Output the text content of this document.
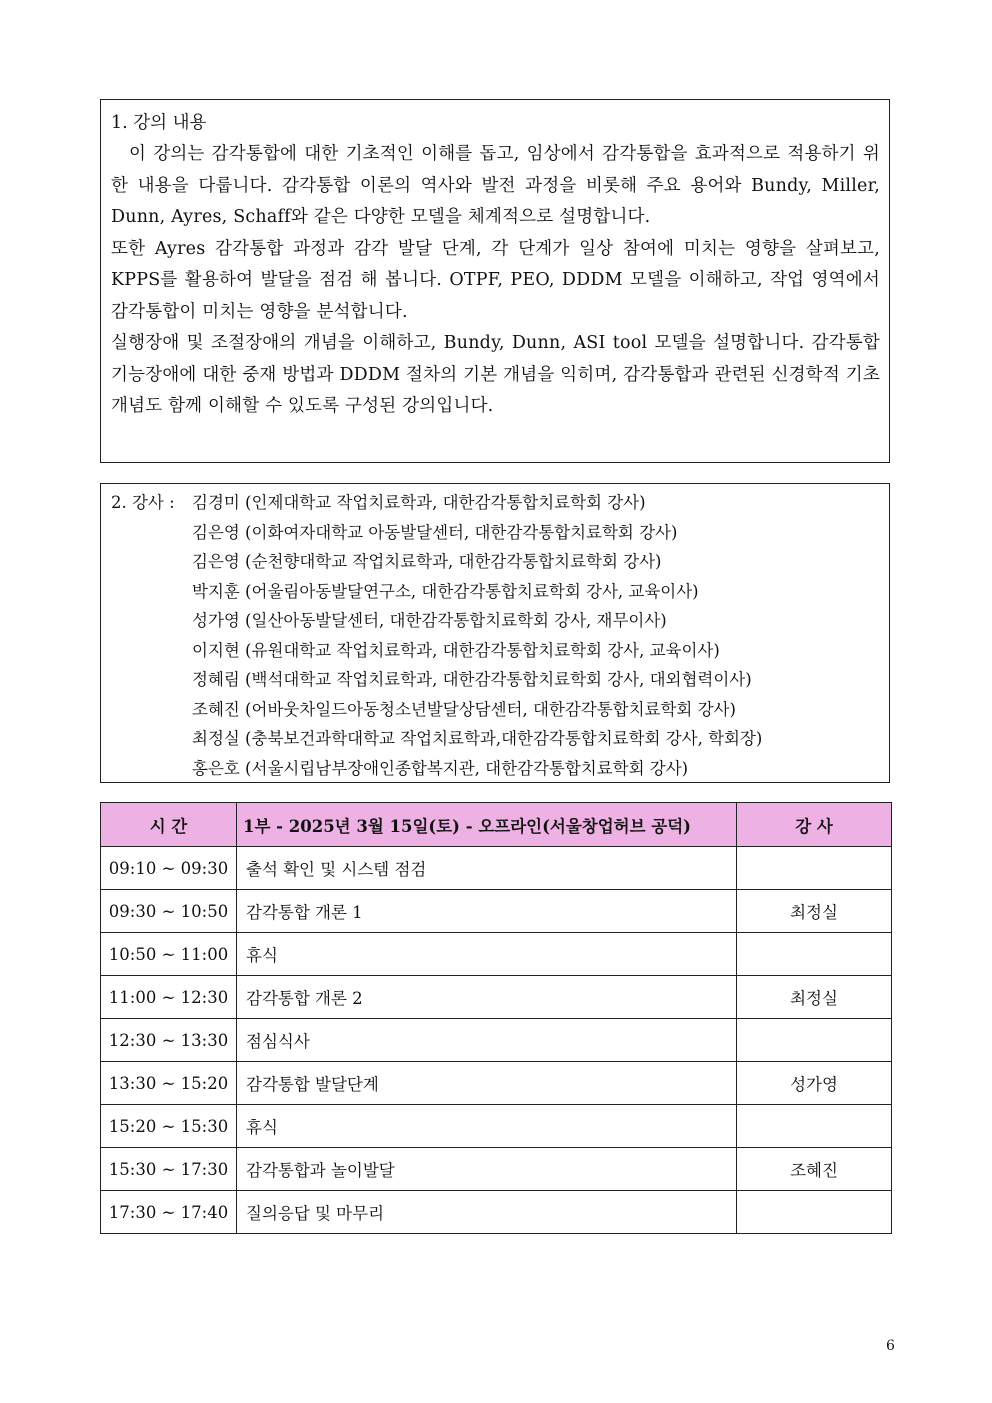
1. 강의 내용

이 강의는 감각통합에 대한 기초적인 이해를 돕고, 임상에서 감각통합을 효과적으로 적용하기 위한 내용을 다룹니다. 감각통합 이론의 역사와 발전 과정을 비롯해 주요 용어와 Bundy, Miller, Dunn, Ayres, Schaff와 같은 다양한 모델을 체계적으로 설명합니다.

또한 Ayres 감각통합 과정과 감각 발달 단계, 각 단계가 일상 참여에 미치는 영향을 살펴보고, KPPS를 활용하여 발달을 점검 해 봅니다. OTPF, PEO, DDDM 모델을 이해하고, 작업 영역에서 감각통합이 미치는 영향을 분석합니다.

실행장애 및 조절장애의 개념을 이해하고, Bundy, Dunn, ASI tool 모델을 설명합니다. 감각통합 기능장애에 대한 중재 방법과 DDDM 절차의 기본 개념을 익히며, 감각통합과 관련된 신경학적 기초 개념도 함께 이해할 수 있도록 구성된 강의입니다.

2. 강사 : 김경미 (인제대학교 작업치료학과, 대한감각통합치료학회 강사)
김은영 (이화여자대학교 아동발달센터, 대한감각통합치료학회 강사)
김은영 (순천향대학교 작업치료학과, 대한감각통합치료학회 강사)
박지훈 (어울림아동발달연구소, 대한감각통합치료학회 강사, 교육이사)
성가영 (일산아동발달센터, 대한감각통합치료학회 강사, 재무이사)
이지현 (유원대학교 작업치료학과, 대한감각통합치료학회 강사, 교육이사)
정혜림 (백석대학교 작업치료학과, 대한감각통합치료학회 강사, 대외협력이사)
조혜진 (어바웃차일드아동청소년발달상담센터, 대한감각통합치료학회 강사)
최정실 (충북보건과학대학교 작업치료학과,대한감각통합치료학회 강사, 학회장)
홍은호 (서울시립남부장애인종합복지관, 대한감각통합치료학회 강사)
시 간	1부 - 2025년 3월 15일(토) - 오프라인(서울창업허브 공덕)	강 사
09:10 ~ 09:30	출석 확인 및 시스템 점검	
09:30 ~ 10:50	감각통합 개론 1	최정실
10:50 ~ 11:00	휴식	
11:00 ~ 12:30	감각통합 개론 2	최정실
12:30 ~ 13:30	점심식사	
13:30 ~ 15:20	감각통합 발달단계	성가영
15:20 ~ 15:30	휴식	
15:30 ~ 17:30	감각통합과 놀이발달	조혜진
17:30 ~ 17:40	질의응답 및 마무리	
6
